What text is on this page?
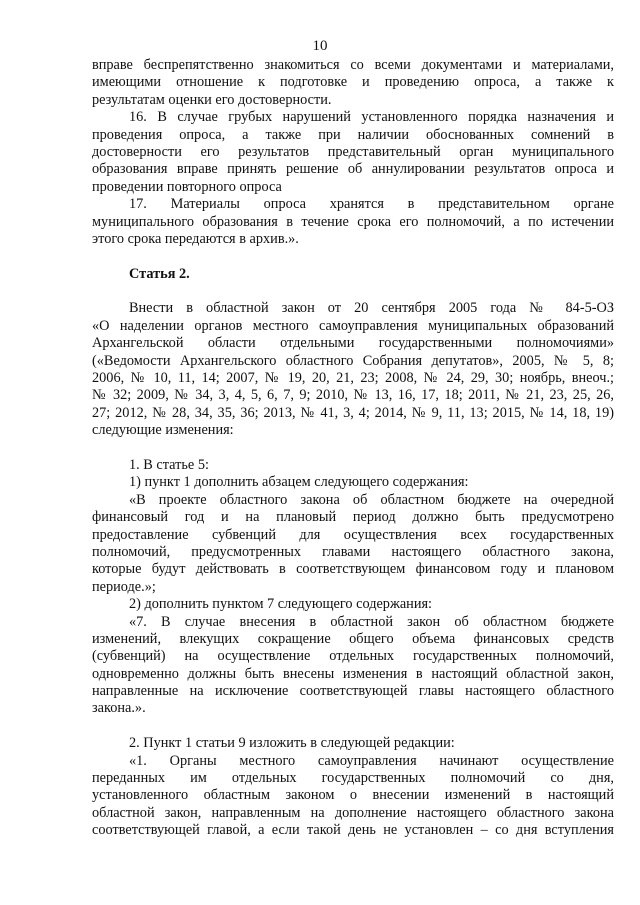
10
вправе беспрепятственно знакомиться со всеми документами и материалами,
имеющими отношение к подготовке и проведению опроса, а также к
результатам оценки его достоверности.
16. В случае грубых нарушений установленного порядка назначения и
проведения опроса, а также при наличии обоснованных сомнений в
достоверности его результатов представительный орган муниципального
образования вправе принять решение об аннулировании результатов опроса и
проведении повторного опроса
17. Материалы опроса хранятся в представительном органе
муниципального образования в течение срока его полномочий, а по истечении
этого срока передаются в архив.».
Статья 2.
Внести в областной закон от 20 сентября 2005 года № 84-5-ОЗ
«О наделении органов местного самоуправления муниципальных образований
Архангельской области отдельными государственными полномочиями»
(«Ведомости Архангельского областного Собрания депутатов», 2005, № 5, 8;
2006, № 10, 11, 14; 2007, № 19, 20, 21, 23; 2008, № 24, 29, 30; ноябрь, внеоч.;
№ 32; 2009, № 34, 3, 4, 5, 6, 7, 9; 2010, № 13, 16, 17, 18; 2011, № 21, 23, 25, 26,
27; 2012, № 28, 34, 35, 36; 2013, № 41, 3, 4; 2014, № 9, 11, 13; 2015, № 14, 18, 19)
следующие изменения:
1. В статье 5:
1) пункт 1 дополнить абзацем следующего содержания:
«В проекте областного закона об областном бюджете на очередной
финансовый год и на плановый период должно быть предусмотрено
предоставление субвенций для осуществления всех государственных
полномочий, предусмотренных главами настоящего областного закона,
которые будут действовать в соответствующем финансовом году и плановом
периоде.»;
2) дополнить пунктом 7 следующего содержания:
«7. В случае внесения в областной закон об областном бюджете
изменений, влекущих сокращение общего объема финансовых средств
(субвенций) на осуществление отдельных государственных полномочий,
одновременно должны быть внесены изменения в настоящий областной закон,
направленные на исключение соответствующей главы настоящего областного
закона.».
2. Пункт 1 статьи 9 изложить в следующей редакции:
«1. Органы местного самоуправления начинают осуществление
переданных им отдельных государственных полномочий со дня,
установленного областным законом о внесении изменений в настоящий
областной закон, направленным на дополнение настоящего областного закона
соответствующей главой, а если такой день не установлен – со дня вступления
